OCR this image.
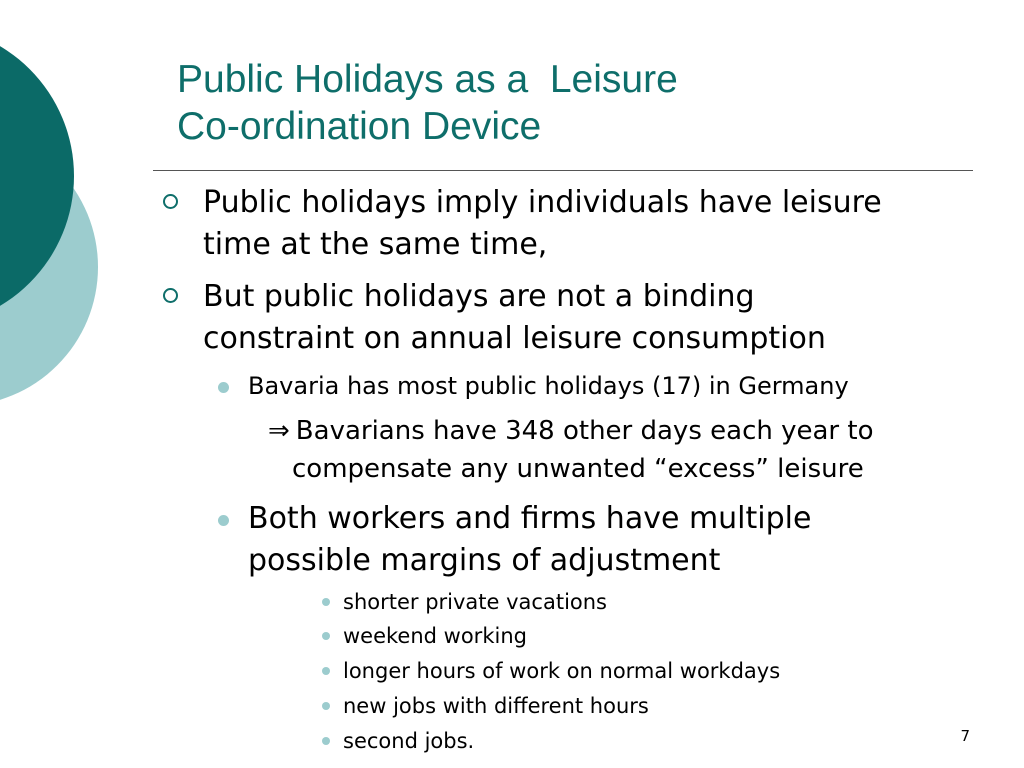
Public Holidays as a  Leisure
Co-ordination Device
Public holidays imply individuals have leisure
time at the same time,
But public holidays are not a binding
constraint on annual leisure consumption
Bavaria has most public holidays (17) in Germany
⇒ Bavarians have 348 other days each year to
compensate any unwanted “excess” leisure
Both workers and firms have multiple
possible margins of adjustment
shorter private vacations
weekend working
longer hours of work on normal workdays
new jobs with different hours
second jobs.	7
